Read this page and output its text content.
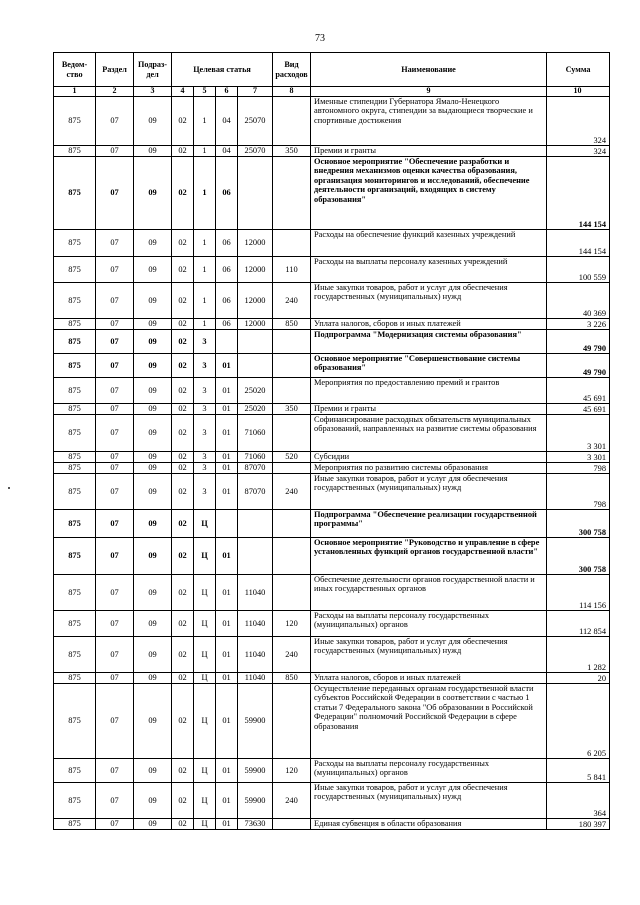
73
Ведом-ство	Раздел	Подраз-дел	Целевая статья				Вид расходов	Наименование	Сумма
1	2	3	4	5	6	7	8	9	10
875	07	09	02	1	04	25070		Именные стипендии Губернатора Ямало-Ненецкого автономного округа, стипендии за выдающиеся творческие и спортивные достижения	324
875	07	09	02	1	04	25070	350	Премии и гранты	324
875	07	09	02	1	06			Основное мероприятие "Обеспечение разработки и внедрения механизмов оценки качества образования, организация мониторингов и исследований, обеспечение деятельности организаций, входящих в систему образования"	144 154
875	07	09	02	1	06	12000		Расходы на обеспечение функций казенных учреждений	144 154
875	07	09	02	1	06	12000	110	Расходы на выплаты персоналу казенных учреждений	100 559
875	07	09	02	1	06	12000	240	Иные закупки товаров, работ и услуг для обеспечения государственных (муниципальных) нужд	40 369
875	07	09	02	1	06	12000	850	Уплата налогов, сборов и иных платежей	3 226
875	07	09	02	3				Подпрограмма "Модернизация системы образования"	49 790
875	07	09	02	3	01			Основное мероприятие "Совершенствование системы образования"	49 790
875	07	09	02	3	01	25020		Мероприятия по предоставлению премий и грантов	45 691
875	07	09	02	3	01	25020	350	Премии и гранты	45 691
875	07	09	02	3	01	71060		Софинансирование расходных обязательств муниципальных образований, направленных на развитие системы образования	3 301
875	07	09	02	3	01	71060	520	Субсидии	3 301
875	07	09	02	3	01	87070		Мероприятия по развитию системы образования	798
875	07	09	02	3	01	87070	240	Иные закупки товаров, работ и услуг для обеспечения государственных (муниципальных) нужд	798
875	07	09	02	Ц				Подпрограмма "Обеспечение реализации государственной программы"	300 758
875	07	09	02	Ц	01			Основное мероприятие "Руководство и управление в сфере установленных функций органов государственной власти"	300 758
875	07	09	02	Ц	01	11040		Обеспечение деятельности органов государственной власти и иных государственных органов	114 156
875	07	09	02	Ц	01	11040	120	Расходы на выплаты персоналу государственных (муниципальных) органов	112 854
875	07	09	02	Ц	01	11040	240	Иные закупки товаров, работ и услуг для обеспечения государственных (муниципальных) нужд	1 282
875	07	09	02	Ц	01	11040	850	Уплата налогов, сборов и иных платежей	20
875	07	09	02	Ц	01	59900		Осуществление переданных органам государственной власти субъектов Российской Федерации в соответствии с частью 1 статьи 7 Федерального закона "Об образовании в Российской Федерации" полномочий Российской Федерации в сфере образования	6 205
875	07	09	02	Ц	01	59900	120	Расходы на выплаты персоналу государственных (муниципальных) органов	5 841
875	07	09	02	Ц	01	59900	240	Иные закупки товаров, работ и услуг для обеспечения государственных (муниципальных) нужд	364
875	07	09	02	Ц	01	73630		Единая субвенция в области образования	180 397
